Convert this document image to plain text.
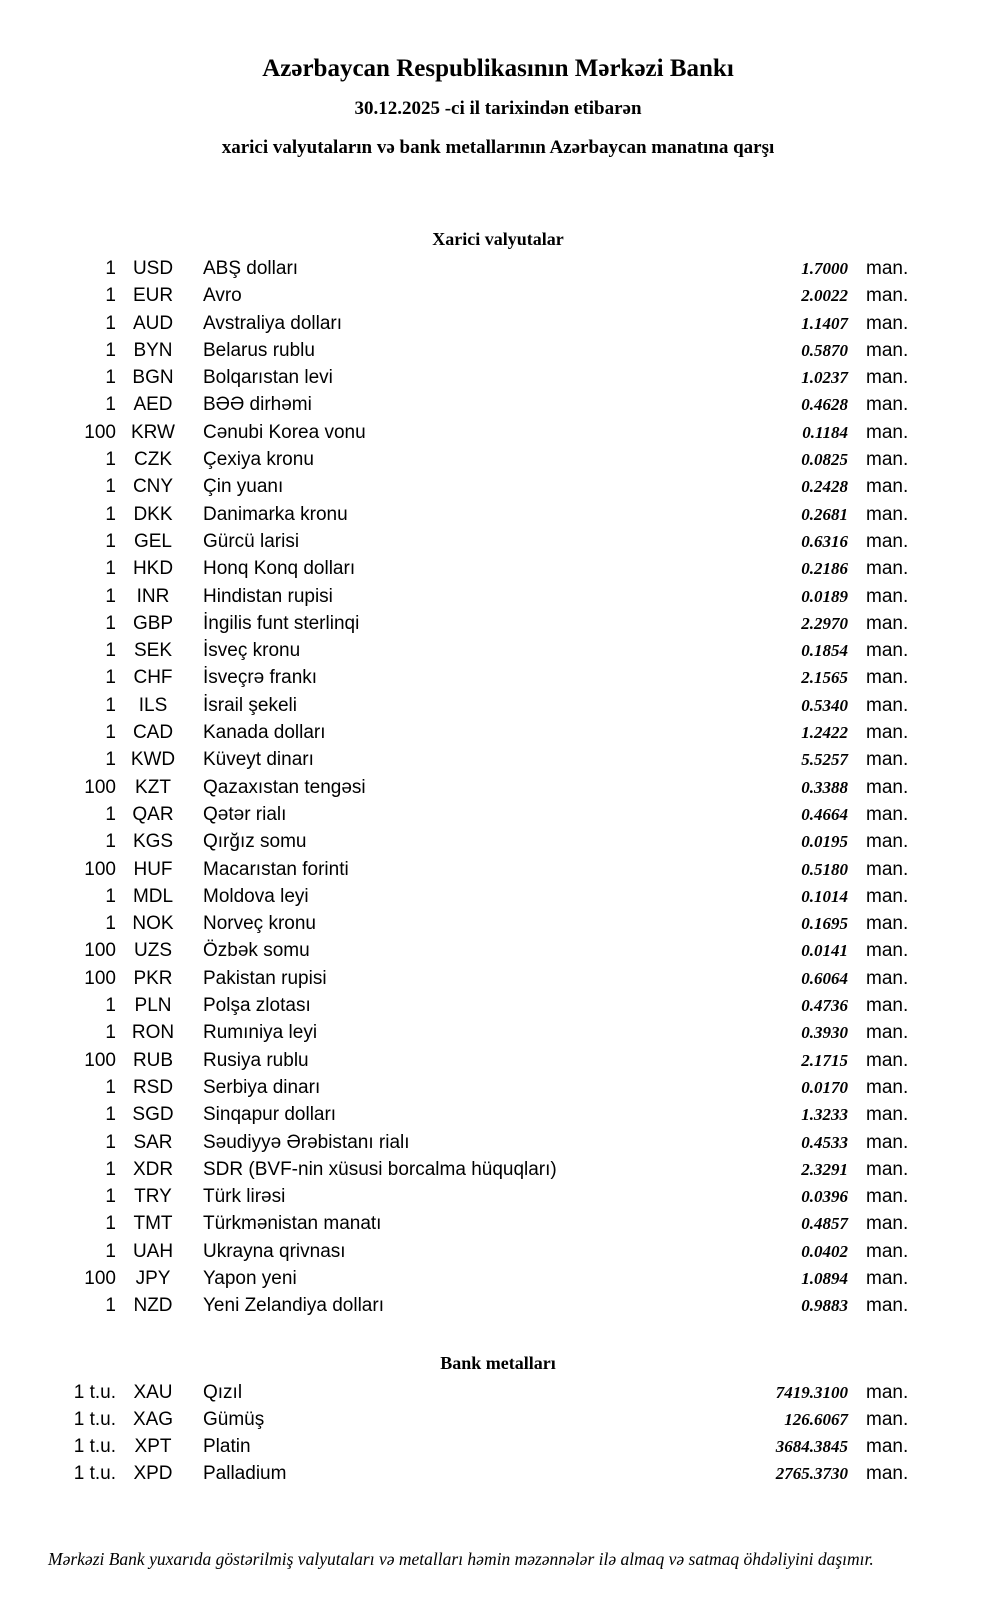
Azərbaycan Respublikasının Mərkəzi Bankı
30.12.2025 -ci il tarixindən etibarən
xarici valyutaların və bank metallarının Azərbaycan manatına qarşı
Xarici valyutalar
1 USD	ABŞ dolları	1.7000 man.
1 EUR	Avro	2.0022 man.
1 AUD	Avstraliya dolları	1.1407 man.
1 BYN	Belarus rublu	0.5870 man.
1 BGN	Bolqarıstan levi	1.0237 man.
1 AED	BƏƏ dirhəmi	0.4628 man.
100 KRW	Cənubi Korea vonu	0.1184 man.
1 CZK	Çexiya kronu	0.0825 man.
1 CNY	Çin yuanı	0.2428 man.
1 DKK	Danimarka kronu	0.2681 man.
1 GEL	Gürcü larisi	0.6316 man.
1 HKD	Honq Konq dolları	0.2186 man.
1	INR	Hindistan rupisi	0.0189 man.
1 GBP	İngilis funt sterlinqi	2.2970 man.
1 SEK	İsveç kronu	0.1854 man.
1 CHF	İsveçrə frankı	2.1565 man.
1	ILS	İsrail şekeli	0.5340 man.
1 CAD	Kanada dolları	1.2422 man.
1 KWD	Küveyt dinarı	5.5257 man.
100	KZT	Qazaxıstan tengəsi	0.3388 man.
1 QAR	Qətər rialı	0.4664 man.
1 KGS	Qırğız somu	0.0195 man.
100 HUF	Macarıstan forinti	0.5180 man.
1 MDL	Moldova leyi	0.1014 man.
1 NOK	Norveç kronu	0.1695 man.
100 UZS	Özbək somu	0.0141 man.
100 PKR	Pakistan rupisi	0.6064 man.
1 PLN	Polşa zlotası	0.4736 man.
1 RON	Rumıniya leyi	0.3930 man.
100 RUB	Rusiya rublu	2.1715 man.
1 RSD	Serbiya dinarı	0.0170 man.
1 SGD	Sinqapur dolları	1.3233 man.
1 SAR	Səudiyyə Ərəbistanı rialı	0.4533 man.
1 XDR	SDR (BVF-nin xüsusi borcalma hüquqları)	2.3291 man.
1 TRY	Türk lirəsi	0.0396 man.
1 TMT	Türkmənistan manatı	0.4857 man.
1 UAH	Ukrayna qrivnası	0.0402 man.
100	JPY	Yapon yeni	1.0894 man.
1 NZD	Yeni Zelandiya dolları	0.9883 man.
Bank metalları
1 t.u. XAU	Qızıl	7419.3100 man.
1 t.u. XAG	Gümüş	126.6067 man.
1 t.u. XPT	Platin	3684.3845 man.
1 t.u. XPD	Palladium	2765.3730 man.
Mərkəzi Bank yuxarıda göstərilmiş valyutaları və metalları həmin məzənnələr ilə almaq və satmaq öhdəliyini daşımır.
